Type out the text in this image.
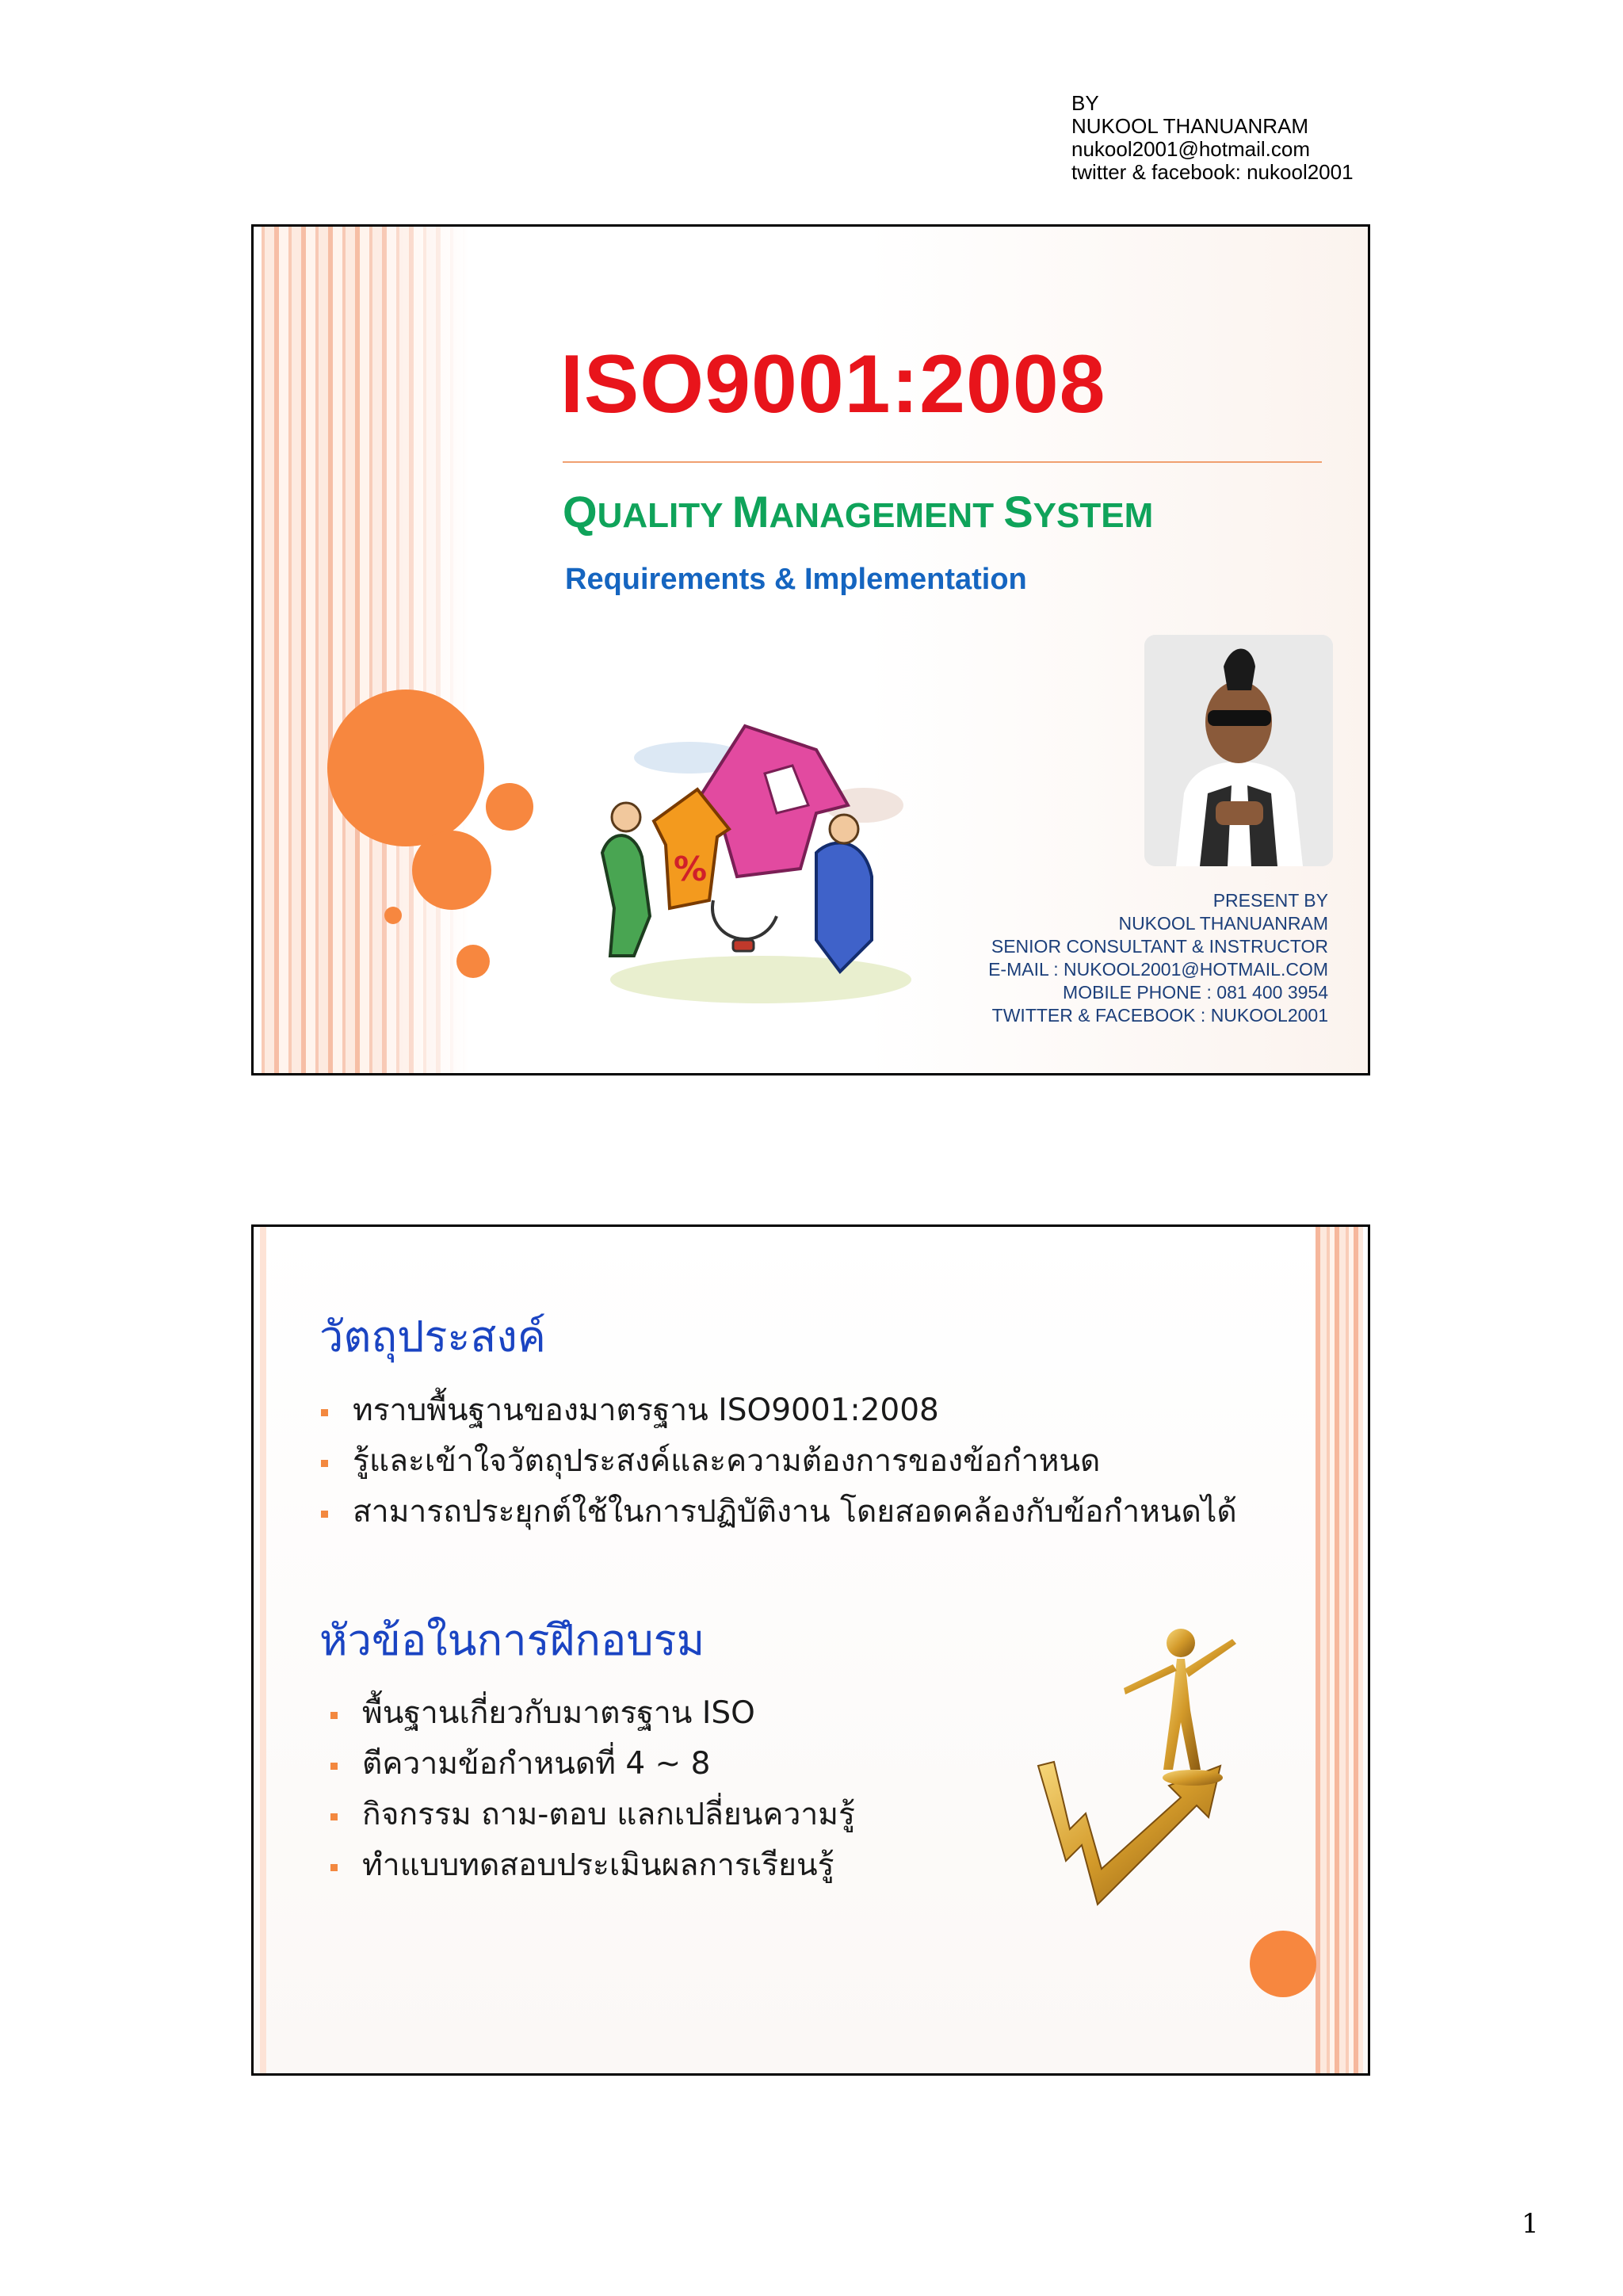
BY
NUKOOL THANUANRAM
nukool2001@hotmail.com
twitter & facebook: nukool2001
ISO9001:2008
QUALITY MANAGEMENT SYSTEM
Requirements & Implementation
%
PRESENT BY
NUKOOL THANUANRAM
SENIOR CONSULTANT & INSTRUCTOR
E-MAIL : NUKOOL2001@HOTMAIL.COM
MOBILE PHONE : 081 400 3954
TWITTER & FACEBOOK : NUKOOL2001
วัตถุประสงค์
ทราบพื้นฐานของมาตรฐาน ISO9001:2008
รู้และเข้าใจวัตถุประสงค์และความต้องการของข้อกำหนด
สามารถประยุกต์ใช้ในการปฏิบัติงาน โดยสอดคล้องกับข้อกำหนดได้
หัวข้อในการฝึกอบรม
พื้นฐานเกี่ยวกับมาตรฐาน ISO
ตีความข้อกำหนดที่ 4 ~ 8
กิจกรรม ถาม-ตอบ แลกเปลี่ยนความรู้
ทำแบบทดสอบประเมินผลการเรียนรู้
1
